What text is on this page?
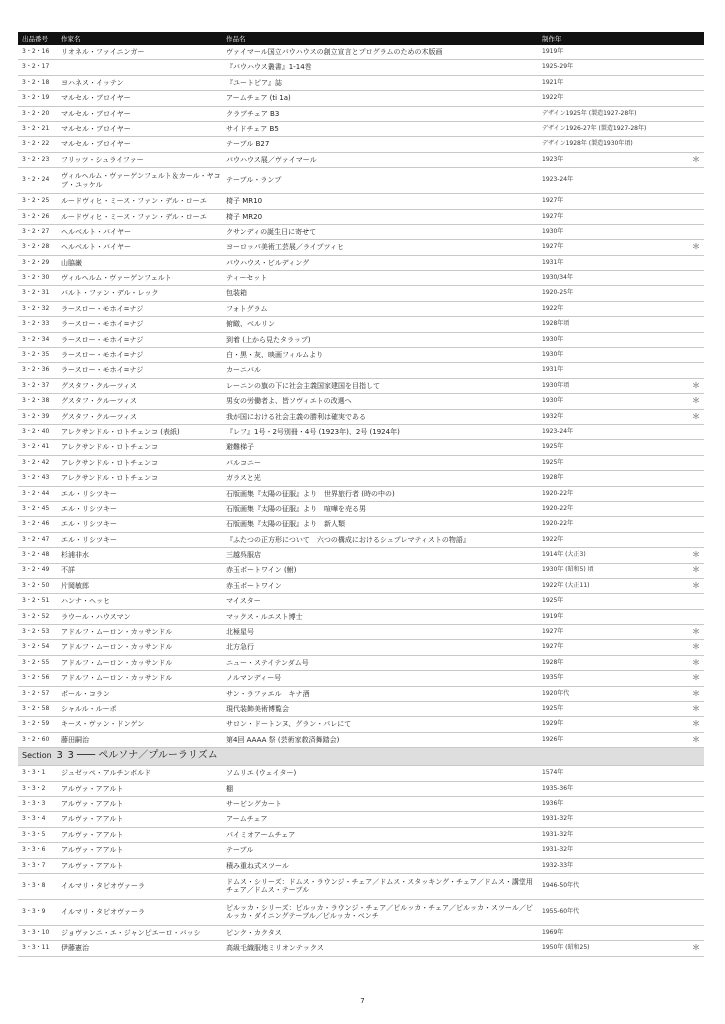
出品番号	作家名	作品名	制作年	
3・2・16	リオネル・ファイニンガー	ヴァイマール国立バウハウスの創立宣言とプログラムのための木版画	1919年	
3・2・17		『バウハウス叢書』1-14巻	1925-29年	
3・2・18	ヨハネス・イッテン	『ユートピア』誌	1921年	
3・2・19	マルセル・ブロイヤー	アームチェア (ti 1a)	1922年	
3・2・20	マルセル・ブロイヤー	クラブチェア B3	デザイン1925年 (製造1927-28年)	
3・2・21	マルセル・ブロイヤー	サイドチェア B5	デザイン1926-27年 (製造1927-28年)	
3・2・22	マルセル・ブロイヤー	テーブル B27	デザイン1928年 (製造1930年頃)	
3・2・23	フリッツ・シュライファー	バウハウス展／ヴァイマール	1923年	＊
3・2・24	ヴィルヘルム・ヴァーゲンフェルト＆カール・ヤコブ・ユッケル	テーブル・ランプ	1923-24年	
3・2・25	ルードヴィヒ・ミース・ファン・デル・ローエ	椅子 MR10	1927年	
3・2・26	ルードヴィヒ・ミース・ファン・デル・ローエ	椅子 MR20	1927年	
3・2・27	ヘルベルト・バイヤー	クサンディの誕生日に寄せて	1930年	
3・2・28	ヘルベルト・バイヤー	ヨーロッパ美術工芸展／ライプツィヒ	1927年	＊
3・2・29	山脇巌	バウハウス・ビルディング	1931年	
3・2・30	ヴィルヘルム・ヴァーゲンフェルト	ティーセット	1930/34年	
3・2・31	バルト・ファン・デル・レック	包装箱	1920-25年	
3・2・32	ラースロー・モホイ=ナジ	フォトグラム	1922年	
3・2・33	ラースロー・モホイ=ナジ	俯瞰、ベルリン	1928年頃	
3・2・34	ラースロー・モホイ=ナジ	到着 (上から見たタラップ)	1930年	
3・2・35	ラースロー・モホイ=ナジ	白・黒・灰、映画フィルムより	1930年	
3・2・36	ラースロー・モホイ=ナジ	カーニバル	1931年	
3・2・37	グスタフ・クルーツィス	レーニンの旗の下に社会主義国家建国を目指して	1930年頃	＊
3・2・38	グスタフ・クルーツィス	男女の労働者よ、皆ソヴィエトの改選へ	1930年	＊
3・2・39	グスタフ・クルーツィス	我が国における社会主義の勝利は確実である	1932年	＊
3・2・40	アレクサンドル・ロトチェンコ (表紙)	『レフ』1号・2号別冊・4号 (1923年)、2号 (1924年)	1923-24年	
3・2・41	アレクサンドル・ロトチェンコ	避難梯子	1925年	
3・2・42	アレクサンドル・ロトチェンコ	バルコニー	1925年	
3・2・43	アレクサンドル・ロトチェンコ	ガラスと光	1928年	
3・2・44	エル・リシツキー	石版画集『太陽の征服』より　世界旅行者 (時の中の)	1920-22年	
3・2・45	エル・リシツキー	石版画集『太陽の征服』より　喧嘩を売る男	1920-22年	
3・2・46	エル・リシツキー	石版画集『太陽の征服』より　新人類	1920-22年	
3・2・47	エル・リシツキー	『ふたつの正方形について　六つの構成におけるシュプレマティストの物語』	1922年	
3・2・48	杉浦非水	三越呉服店	1914年 (大正3)	＊
3・2・49	不詳	赤玉ポートワイン (鮒)	1930年 (昭和5) 頃	＊
3・2・50	片岡敏郎	赤玉ポートワイン	1922年 (大正11)	＊
3・2・51	ハンナ・ヘッヒ	マイスター	1925年	
3・2・52	ラウール・ハウスマン	マックス・ルエスト博士	1919年	
3・2・53	アドルフ・ムーロン・カッサンドル	北極星号	1927年	＊
3・2・54	アドルフ・ムーロン・カッサンドル	北方急行	1927年	＊
3・2・55	アドルフ・ムーロン・カッサンドル	ニュー・ステイテンダム号	1928年	＊
3・2・56	アドルフ・ムーロン・カッサンドル	ノルマンディー号	1935年	＊
3・2・57	ポール・コラン	サン・ラファエル　キナ酒	1920年代	＊
3・2・58	シャルル・ルーポ	現代装飾美術博覧会	1925年	＊
3・2・59	キース・ヴァン・ドンゲン	サロン・ドートンヌ、グラン・パレにて	1929年	＊
3・2・60	藤田嗣治	第4回 AAAA 祭 (芸術家救済舞踏会)	1926年	＊
Section 3 3 ─── ペルソナ／プルーラリズム				
3・3・1	ジュゼッペ・アルチンボルド	ソムリエ (ウェイター)	1574年	
3・3・2	アルヴァ・アアルト	棚	1935-36年	
3・3・3	アルヴァ・アアルト	サービングカート	1936年	
3・3・4	アルヴァ・アアルト	アームチェア	1931-32年	
3・3・5	アルヴァ・アアルト	パイミオアームチェア	1931-32年	
3・3・6	アルヴァ・アアルト	テーブル	1931-32年	
3・3・7	アルヴァ・アアルト	積み重ね式スツール	1932-33年	
3・3・8	イルマリ・タピオヴァーラ	ドムス・シリーズ：ドムス・ラウンジ・チェア／ドムス・スタッキング・チェア／ドムス・講堂用チェア／ドムス・テーブル	1946-50年代	
3・3・9	イルマリ・タピオヴァーラ	ピルッカ・シリーズ：ピルッカ・ラウンジ・チェア／ピルッカ・チェア／ピルッカ・スツール／ピルッカ・ダイニングテーブル／ピルッカ・ベンチ	1955-60年代	
3・3・10	ジョヴァンニ・エ・ジャンピエーロ・バッシ	ピンク・カクタス	1969年	
3・3・11	伊藤憲治	高級毛織服地ミリオンテックス	1950年 (昭和25)	＊
7
